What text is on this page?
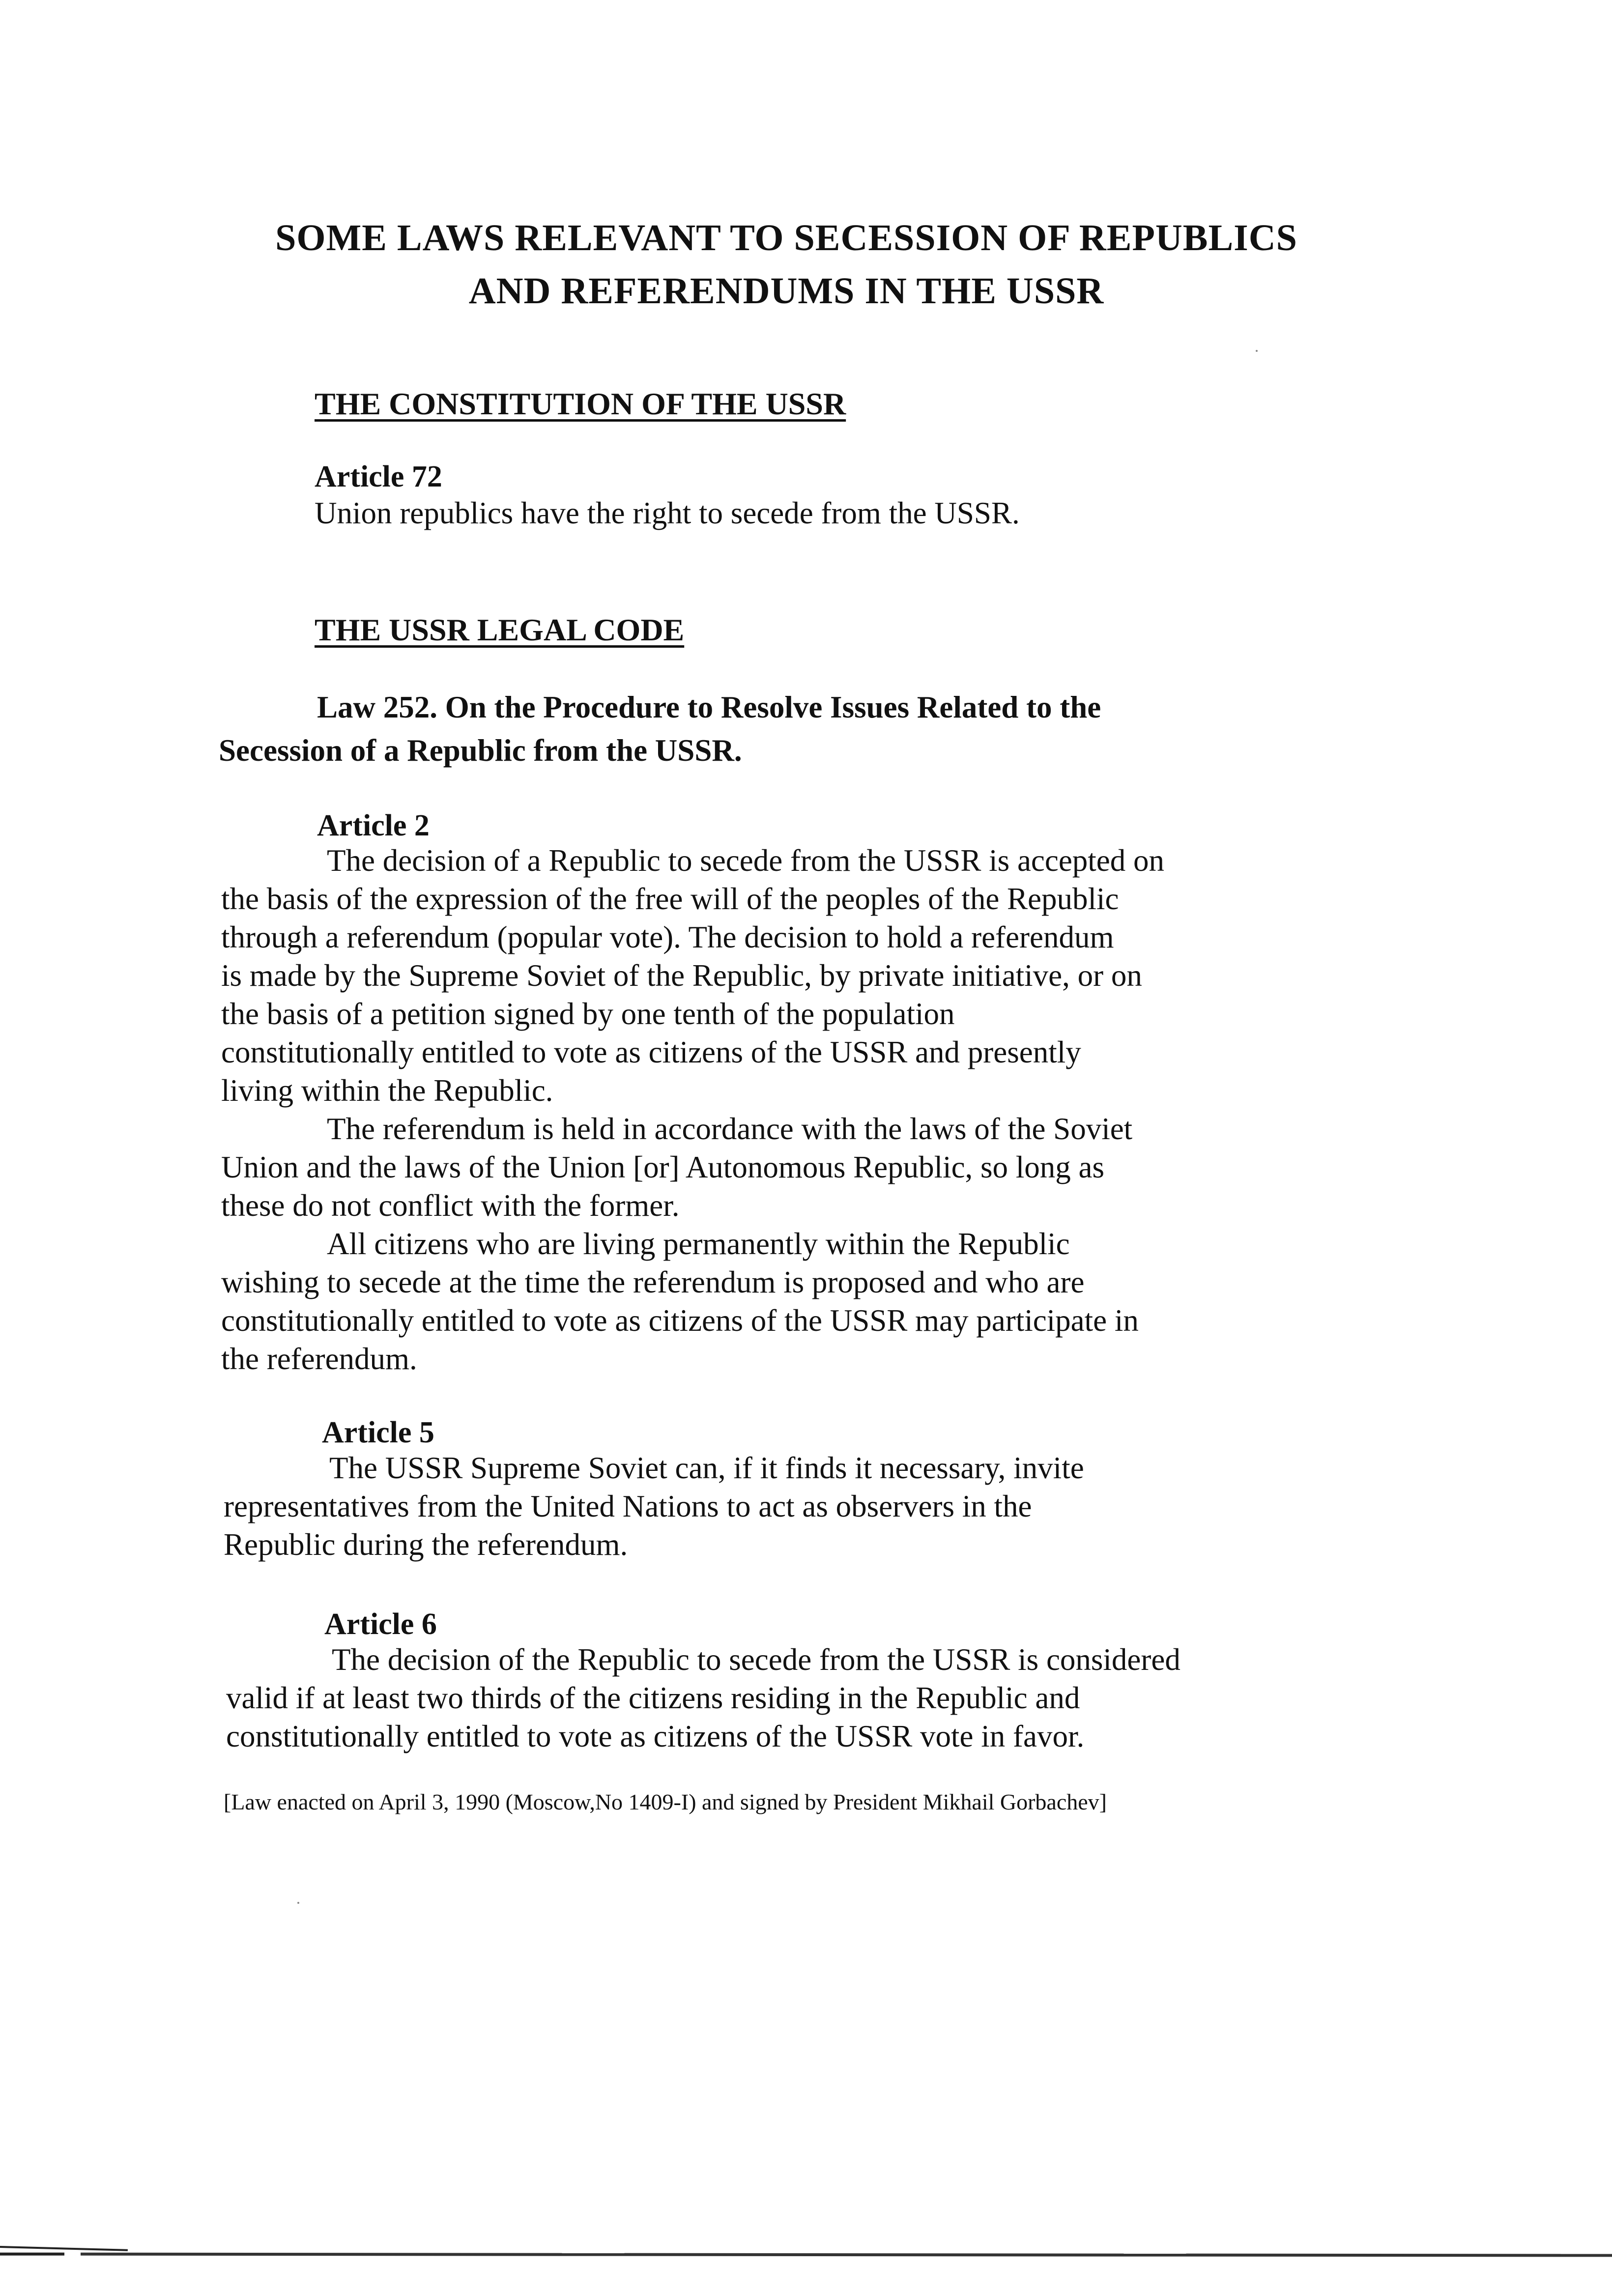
SOME LAWS RELEVANT TO SECESSION OF REPUBLICS
AND REFERENDUMS IN THE USSR
THE CONSTITUTION OF THE USSR
Article 72
Union republics have the right to secede from the USSR.
THE USSR LEGAL CODE
Law 252. On the Procedure to Resolve Issues Related to the
Secession of a Republic from the USSR.
Article 2
The decision of a Republic to secede from the USSR is accepted on
the basis of the expression of the free will of the peoples of the Republic
through a referendum (popular vote). The decision to hold a referendum
is made by the Supreme Soviet of the Republic, by private initiative, or on
the basis of a petition signed by one tenth of the population
constitutionally entitled to vote as citizens of the USSR and presently
living within the Republic.
The referendum is held in accordance with the laws of the Soviet
Union and the laws of the Union [or] Autonomous Republic, so long as
these do not conflict with the former.
All citizens who are living permanently within the Republic
wishing to secede at the time the referendum is proposed and who are
constitutionally entitled to vote as citizens of the USSR may participate in
the referendum.
Article 5
The USSR Supreme Soviet can, if it finds it necessary, invite
representatives from the United Nations to act as observers in the
Republic during the referendum.
Article 6
The decision of the Republic to secede from the USSR is considered
valid if at least two thirds of the citizens residing in the Republic and
constitutionally entitled to vote as citizens of the USSR vote in favor.
[Law enacted on April 3, 1990 (Moscow,No 1409-I) and signed by President Mikhail Gorbachev]
